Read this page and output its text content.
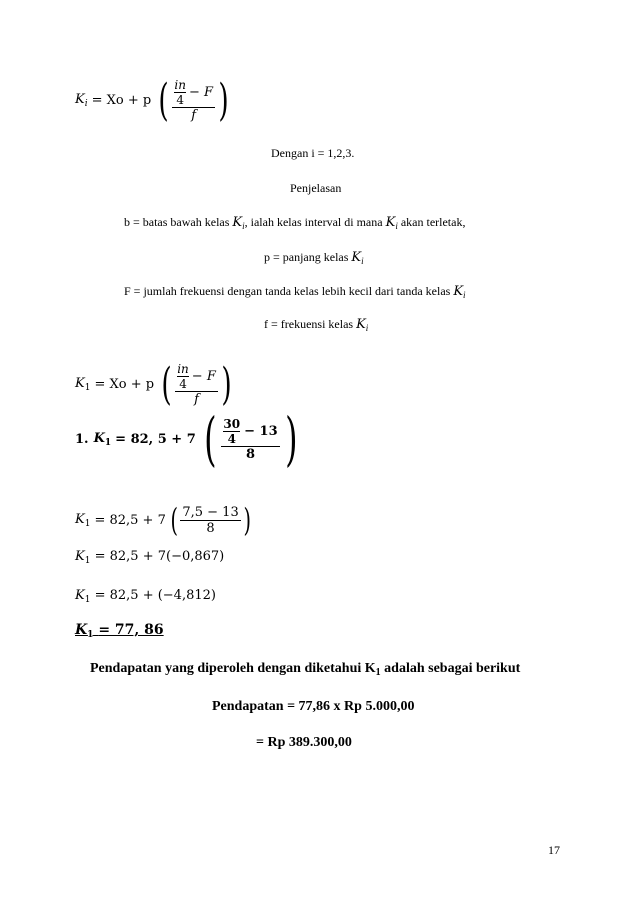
$K_i = Xo + p$ ( $\frac{\frac{in}{4} - F}{f}$ )
Dengan i = 1,2,3.
Penjelasan
b = batas bawah kelas $K_i$, ialah kelas interval di mana $K_i$ akan terletak,
p = panjang kelas $K_i$
F = jumlah frekuensi dengan tanda kelas lebih kecil dari tanda kelas $K_i$
f = frekuensi kelas $K_i$
$K_1 = Xo + p$ ( $\frac{\frac{in}{4} - F}{f}$ )
1. $K_1 = 82$, 5 + 7 ( $\frac{\frac{30}{4} - 13}{8}$ )
$K_1 = 82,5 + 7$ ( $\frac{7,5 - 13}{8}$ )
$K_1 = 82,5 + 7(-0,867)$
$K_1 = 82,5 + (-4,812)$
$K_1 = 77$, 86
Pendapatan yang diperoleh dengan diketahui $K_1$ adalah sebagai berikut
Pendapatan = 77,86 x Rp 5.000,00
= Rp 389.300,00
17
